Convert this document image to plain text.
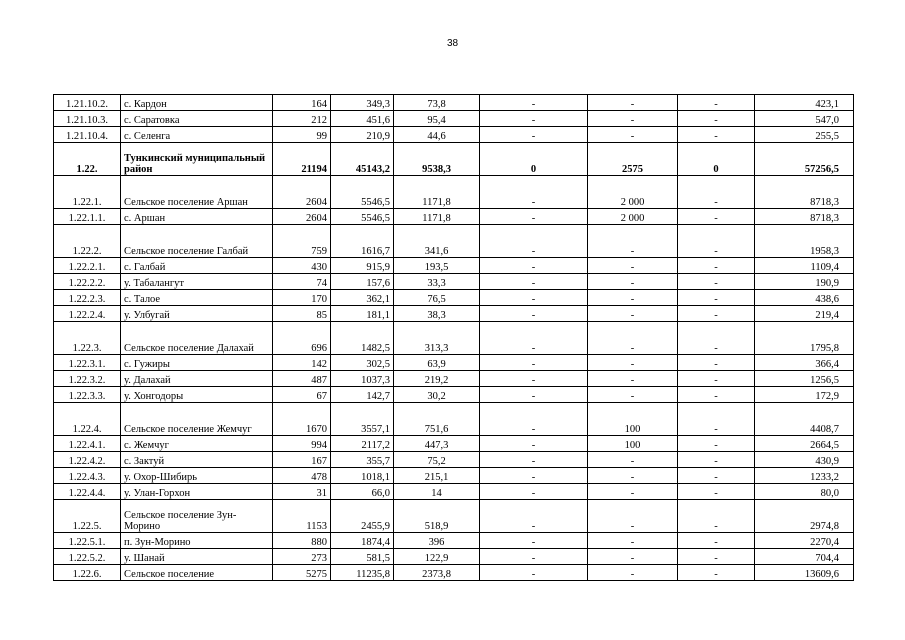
38
1.21.10.2.	с. Кардон	164	349,3	73,8	-	-	-	423,1
1.21.10.3.	с. Саратовка	212	451,6	95,4	-	-	-	547,0
1.21.10.4.	с. Селенга	99	210,9	44,6	-	-	-	255,5
1.22.	Тункинский муниципальный район	21194	45143,2	9538,3	0	2575	0	57256,5
1.22.1.	Сельское поселение Аршан	2604	5546,5	1171,8	-	2 000	-	8718,3
1.22.1.1.	с. Аршан	2604	5546,5	1171,8	-	2 000	-	8718,3
1.22.2.	Сельское поселение Галбай	759	1616,7	341,6	-	-	-	1958,3
1.22.2.1.	с. Галбай	430	915,9	193,5	-	-	-	1109,4
1.22.2.2.	у. Табалангут	74	157,6	33,3	-	-	-	190,9
1.22.2.3.	с. Талое	170	362,1	76,5	-	-	-	438,6
1.22.2.4.	у. Улбугай	85	181,1	38,3	-	-	-	219,4
1.22.3.	Сельское поселение Далахай	696	1482,5	313,3	-	-	-	1795,8
1.22.3.1.	с. Гужиры	142	302,5	63,9	-	-	-	366,4
1.22.3.2.	у. Далахай	487	1037,3	219,2	-	-	-	1256,5
1.22.3.3.	у. Хонгодоры	67	142,7	30,2	-	-	-	172,9
1.22.4.	Сельское поселение Жемчуг	1670	3557,1	751,6	-	100	-	4408,7
1.22.4.1.	с. Жемчуг	994	2117,2	447,3	-	100	-	2664,5
1.22.4.2.	с. Зактуй	167	355,7	75,2	-	-	-	430,9
1.22.4.3.	у. Охор-Шибирь	478	1018,1	215,1	-	-	-	1233,2
1.22.4.4.	у. Улан-Горхон	31	66,0	14	-	-	-	80,0
1.22.5.	Сельское поселение Зун-Морино	1153	2455,9	518,9	-	-	-	2974,8
1.22.5.1.	п. Зун-Морино	880	1874,4	396	-	-	-	2270,4
1.22.5.2.	у. Шанай	273	581,5	122,9	-	-	-	704,4
1.22.6.	Сельское поселение	5275	11235,8	2373,8	-	-	-	13609,6
